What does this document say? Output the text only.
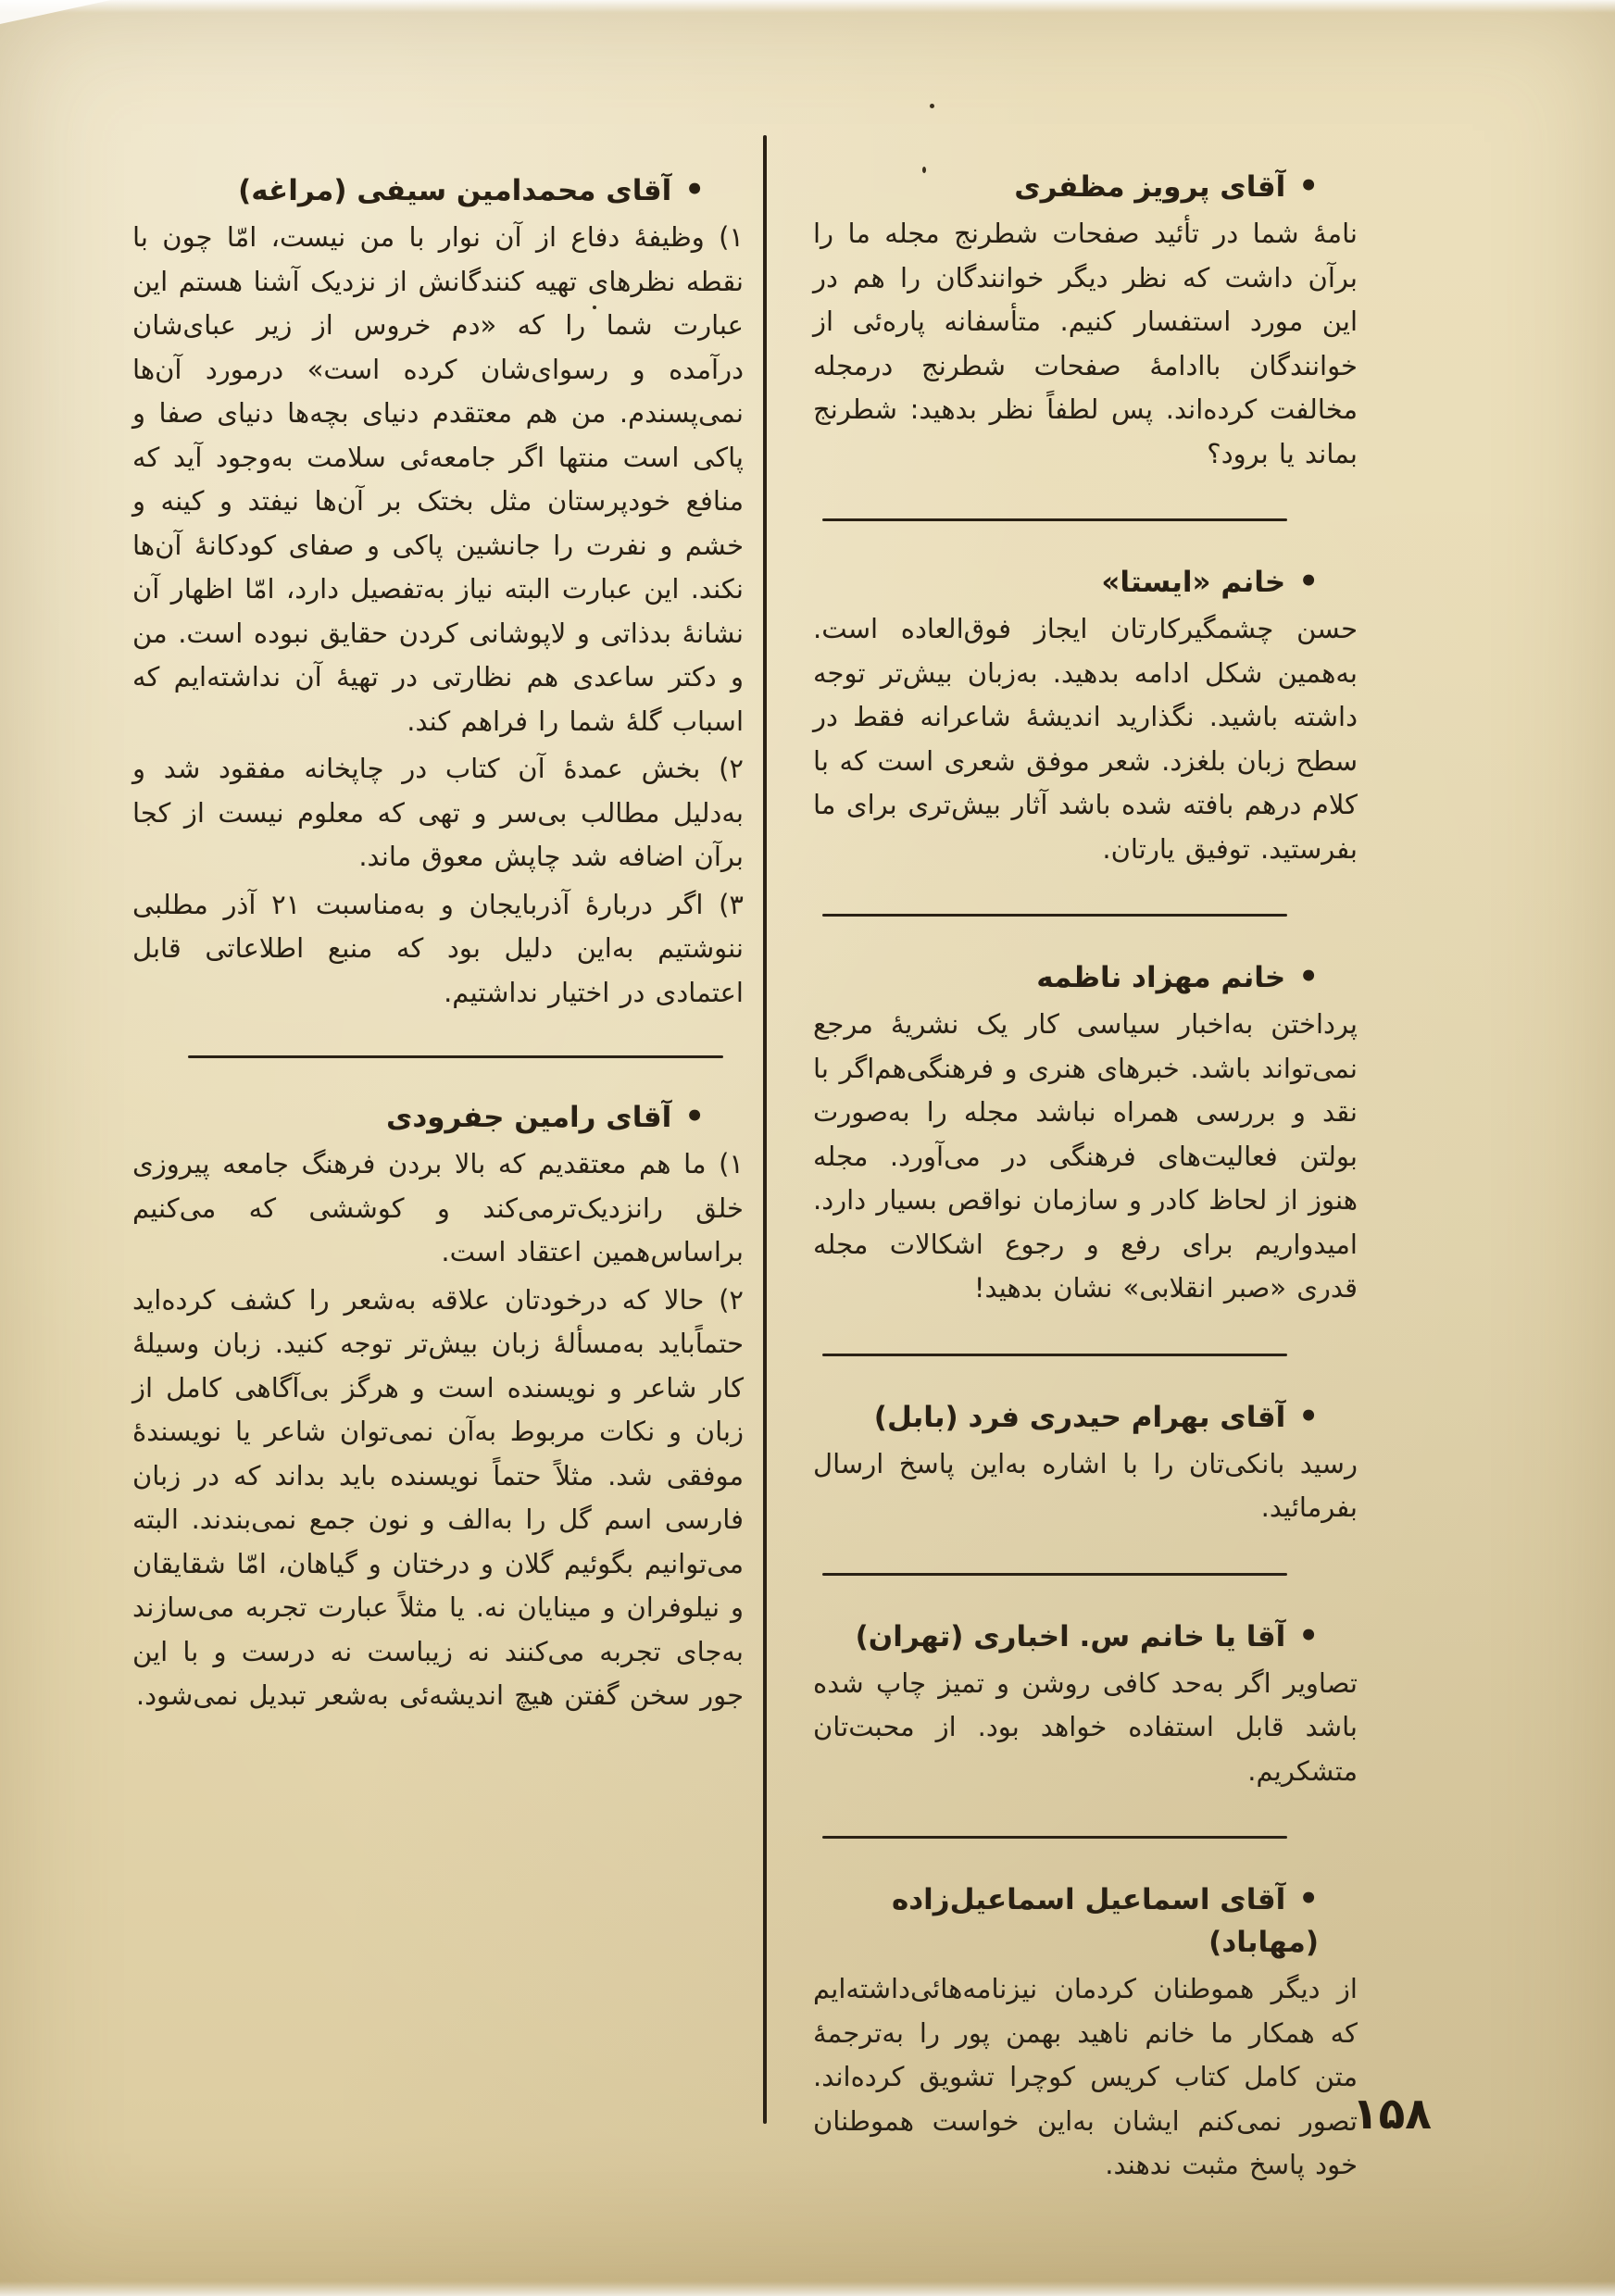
• آقای پرویز مظفری

نامهٔ شما در تأئید صفحات شطرنج مجله ما را برآن داشت که نظر دیگر خوانندگان را هم در این مورد استفسار کنیم. متأسفانه پاره‌ئی از خوانندگان باادامهٔ صفحات شطرنج درمجله مخالفت کرده‌اند. پس لطفاً نظر بدهید: شطرنج بماند یا برود؟

• خانم «ایستا»

حسن چشمگیرکارتان ایجاز فوق‌العاده است. به‌همین شکل ادامه بدهید. به‌زبان بیش‌تر توجه داشته باشید. نگذارید اندیشهٔ شاعرانه فقط در سطح زبان بلغزد. شعر موفق شعری است که با کلام درهم بافته شده باشد آثار بیش‌تری برای ما بفرستید. توفیق یارتان.

• خانم مهزاد ناظمه

پرداختن به‌اخبار سیاسی کار یک نشریهٔ مرجع نمی‌تواند باشد. خبرهای هنری و فرهنگی‌هم‌اگر با نقد و بررسی همراه نباشد مجله را به‌صورت بولتن فعالیت‌های فرهنگی در می‌آورد. مجله هنوز از لحاظ کادر و سازمان نواقص بسیار دارد. امیدواریم برای رفع و رجوع اشکالات مجله قدری «صبر انقلابی» نشان بدهید!

• آقای بهرام حیدری فرد (بابل)

رسید بانکی‌تان را با اشاره به‌این پاسخ ارسال بفرمائید.

• آقا یا خانم س. اخباری (تهران)

تصاویر اگر به‌حد کافی روشن و تمیز چاپ شده باشد قابل استفاده خواهد بود. از محبت‌تان متشکریم.

• آقای اسماعیل اسماعیل‌زاده (مهاباد)

از دیگر هموطنان کردمان نیزنامه‌هائی‌داشته‌ایم که همکار ما خانم ناهید بهمن پور را به‌ترجمهٔ متن کامل کتاب کریس کوچرا تشویق کرده‌اند. تصور نمی‌کنم ایشان به‌این خواست هموطنان خود پاسخ مثبت ندهند.

• آقای محمدامین سیفی (مراغه)

۱) وظیفهٔ دفاع از آن نوار با من نیست، امّا چون با نقطه نظرهای تهیه کنندگانش از نزدیک آشنا هستم این عبارت شما را که «دم خروس از زیر عبای‌شان درآمده و رسوای‌شان کرده است» درمورد آن‌ها نمی‌پسندم. من هم معتقدم دنیای بچه‌ها دنیای صفا و پاکی است منتها اگر جامعه‌ئی سلامت به‌وجود آید که منافع خودپرستان مثل بختک بر آن‌ها نیفتد و کینه و خشم و نفرت را جانشین پاکی و صفای کودکانهٔ آن‌ها نکند. این عبارت البته نیاز به‌تفصیل دارد، امّا اظهار آن نشانهٔ بدذاتی و لاپوشانی کردن حقایق نبوده است. من و دکتر ساعدی هم نظارتی در تهیهٔ آن نداشته‌ایم که اسباب گلهٔ شما را فراهم کند.

۲) بخش عمدهٔ آن کتاب در چاپخانه مفقود شد و به‌دلیل مطالب بی‌سر و تهی که معلوم نیست از کجا برآن اضافه شد چاپش معوق ماند.

۳) اگر دربارهٔ آذربایجان و به‌مناسبت ۲۱ آذر مطلبی ننوشتیم به‌این دلیل بود که منبع اطلاعاتی قابل اعتمادی در اختیار نداشتیم.

• آقای رامین جفرودی

۱) ما هم معتقدیم که بالا بردن فرهنگ جامعه پیروزی خلق رانزدیک‌ترمی‌کند و کوششی که می‌کنیم براساس‌همین اعتقاد است.

۲) حالا که درخودتان علاقه به‌شعر را کشف کرده‌اید حتماًباید به‌مسألهٔ زبان بیش‌تر توجه کنید. زبان وسیلهٔ کار شاعر و نویسنده است و هرگز بی‌آگاهی کامل از زبان و نکات مربوط به‌آن نمی‌توان شاعر یا نویسندهٔ موفقی شد. مثلاً حتماً نویسنده باید بداند که در زبان فارسی اسم گل را به‌الف و نون جمع نمی‌بندند. البته می‌توانیم بگوئیم گلان و درختان و گیاهان، امّا شقایقان و نیلوفران و مینایان نه. یا مثلاً عبارت تجربه می‌سازند به‌جای تجربه می‌کنند نه زیباست نه درست و با این جور سخن گفتن هیچ اندیشه‌ئی به‌شعر تبدیل نمی‌شود.

۱۵۸
